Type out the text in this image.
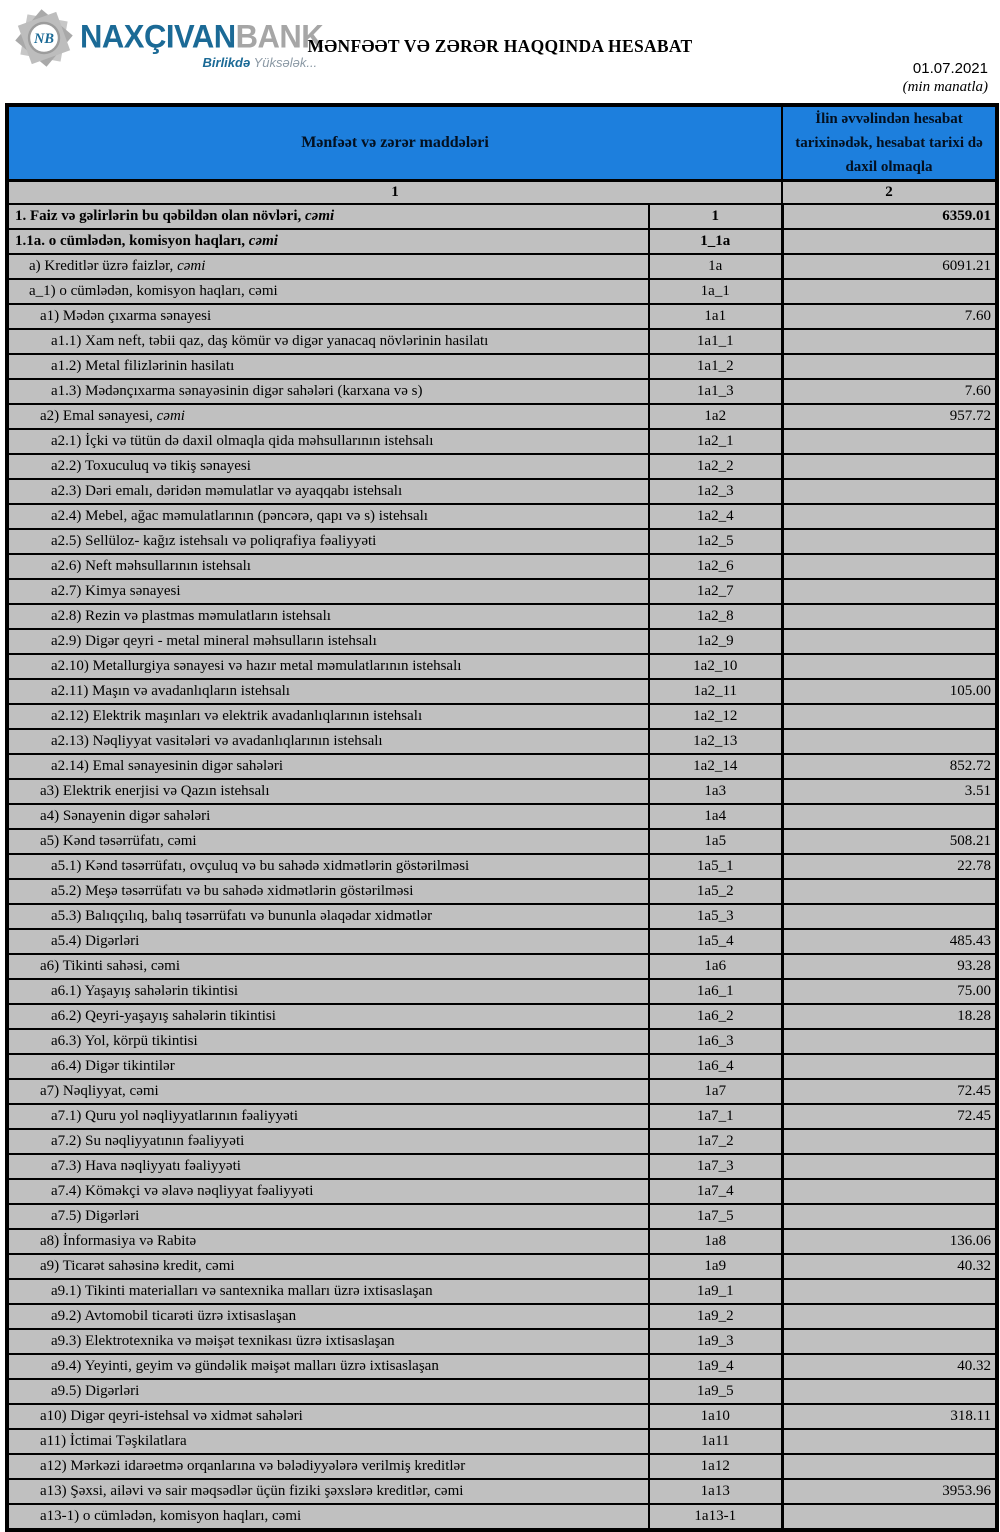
NB NAXÇIVANBANK
Birlikdə Yüksələk...
MƏNFƏƏT VƏ ZƏRƏR HAQQINDA HESABAT
01.07.2021
(min manatla)
Mənfəət və zərər maddələri		İlin əvvəlindən hesabat tarixinədək, hesabat tarixi də daxil olmaqla
1		2
1. Faiz və gəlirlərin bu qəbildən olan növləri, cəmi	1	6359.01
1.1a. o cümlədən, komisyon haqları, cəmi	1_1a	
a) Kreditlər üzrə faizlər, cəmi	1a	6091.21
a_1) o cümlədən, komisyon haqları, cəmi	1a_1	
a1) Mədən çıxarma sənayesi	1a1	7.60
a1.1) Xam neft, təbii qaz, daş kömür və digər yanacaq növlərinin hasilatı	1a1_1	
a1.2) Metal filizlərinin hasilatı	1a1_2	
a1.3) Mədənçıxarma sənayəsinin digər sahələri (karxana və s)	1a1_3	7.60
a2) Emal sənayesi, cəmi	1a2	957.72
a2.1) İçki və tütün də daxil olmaqla qida məhsullarının istehsalı	1a2_1	
a2.2) Toxuculuq və tikiş sənayesi	1a2_2	
a2.3) Dəri emalı, dəridən məmulatlar və ayaqqabı istehsalı	1a2_3	
a2.4) Mebel, ağac məmulatlarının (pəncərə, qapı və s) istehsalı	1a2_4	
a2.5) Sellüloz- kağız istehsalı və poliqrafiya fəaliyyəti	1a2_5	
a2.6) Neft məhsullarının istehsalı	1a2_6	
a2.7) Kimya sənayesi	1a2_7	
a2.8) Rezin və plastmas məmulatların istehsalı	1a2_8	
a2.9) Digər qeyri - metal mineral məhsulların istehsalı	1a2_9	
a2.10) Metallurgiya sənayesi və hazır metal məmulatlarının istehsalı	1a2_10	
a2.11) Maşın və avadanlıqların istehsalı	1a2_11	105.00
a2.12) Elektrik maşınları və elektrik avadanlıqlarının istehsalı	1a2_12	
a2.13) Nəqliyyat vasitələri və avadanlıqlarının istehsalı	1a2_13	
a2.14) Emal sənayesinin digər sahələri	1a2_14	852.72
a3) Elektrik enerjisi və Qazın istehsalı	1a3	3.51
a4) Sənayenin digər sahələri	1a4	
a5) Kənd təsərrüfatı, cəmi	1a5	508.21
a5.1) Kənd təsərrüfatı, ovçuluq və bu sahədə xidmətlərin göstərilməsi	1a5_1	22.78
a5.2) Meşə təsərrüfatı və bu sahədə xidmətlərin göstərilməsi	1a5_2	
a5.3) Balıqçılıq, balıq təsərrüfatı və bununla əlaqədar xidmətlər	1a5_3	
a5.4) Digərləri	1a5_4	485.43
a6) Tikinti sahəsi, cəmi	1a6	93.28
a6.1) Yaşayış sahələrin tikintisi	1a6_1	75.00
a6.2) Qeyri-yaşayış sahələrin tikintisi	1a6_2	18.28
a6.3) Yol, körpü tikintisi	1a6_3	
a6.4) Digər tikintilər	1a6_4	
a7) Nəqliyyat, cəmi	1a7	72.45
a7.1) Quru yol nəqliyyatlarının fəaliyyəti	1a7_1	72.45
a7.2) Su nəqliyyatının fəaliyyəti	1a7_2	
a7.3) Hava nəqliyyatı fəaliyyəti	1a7_3	
a7.4) Köməkçi və əlavə nəqliyyat fəaliyyəti	1a7_4	
a7.5) Digərləri	1a7_5	
a8) İnformasiya və Rabitə	1a8	136.06
a9) Ticarət sahəsinə kredit, cəmi	1a9	40.32
a9.1) Tikinti materialları və santexnika malları üzrə ixtisaslaşan	1a9_1	
a9.2) Avtomobil ticarəti üzrə ixtisaslaşan	1a9_2	
a9.3) Elektrotexnika və məişət texnikası üzrə ixtisaslaşan	1a9_3	
a9.4) Yeyinti, geyim və gündəlik məişət malları üzrə ixtisaslaşan	1a9_4	40.32
a9.5) Digərləri	1a9_5	
a10) Digər qeyri-istehsal və xidmət sahələri	1a10	318.11
a11) İctimai Təşkilatlara	1a11	
a12) Mərkəzi idarəetmə orqanlarına və bələdiyyələrə verilmiş kreditlər	1a12	
a13) Şəxsi, ailəvi və sair məqsədlər üçün fiziki şəxslərə kreditlər, cəmi	1a13	3953.96
a13-1) o cümlədən, komisyon haqları, cəmi	1a13-1	
